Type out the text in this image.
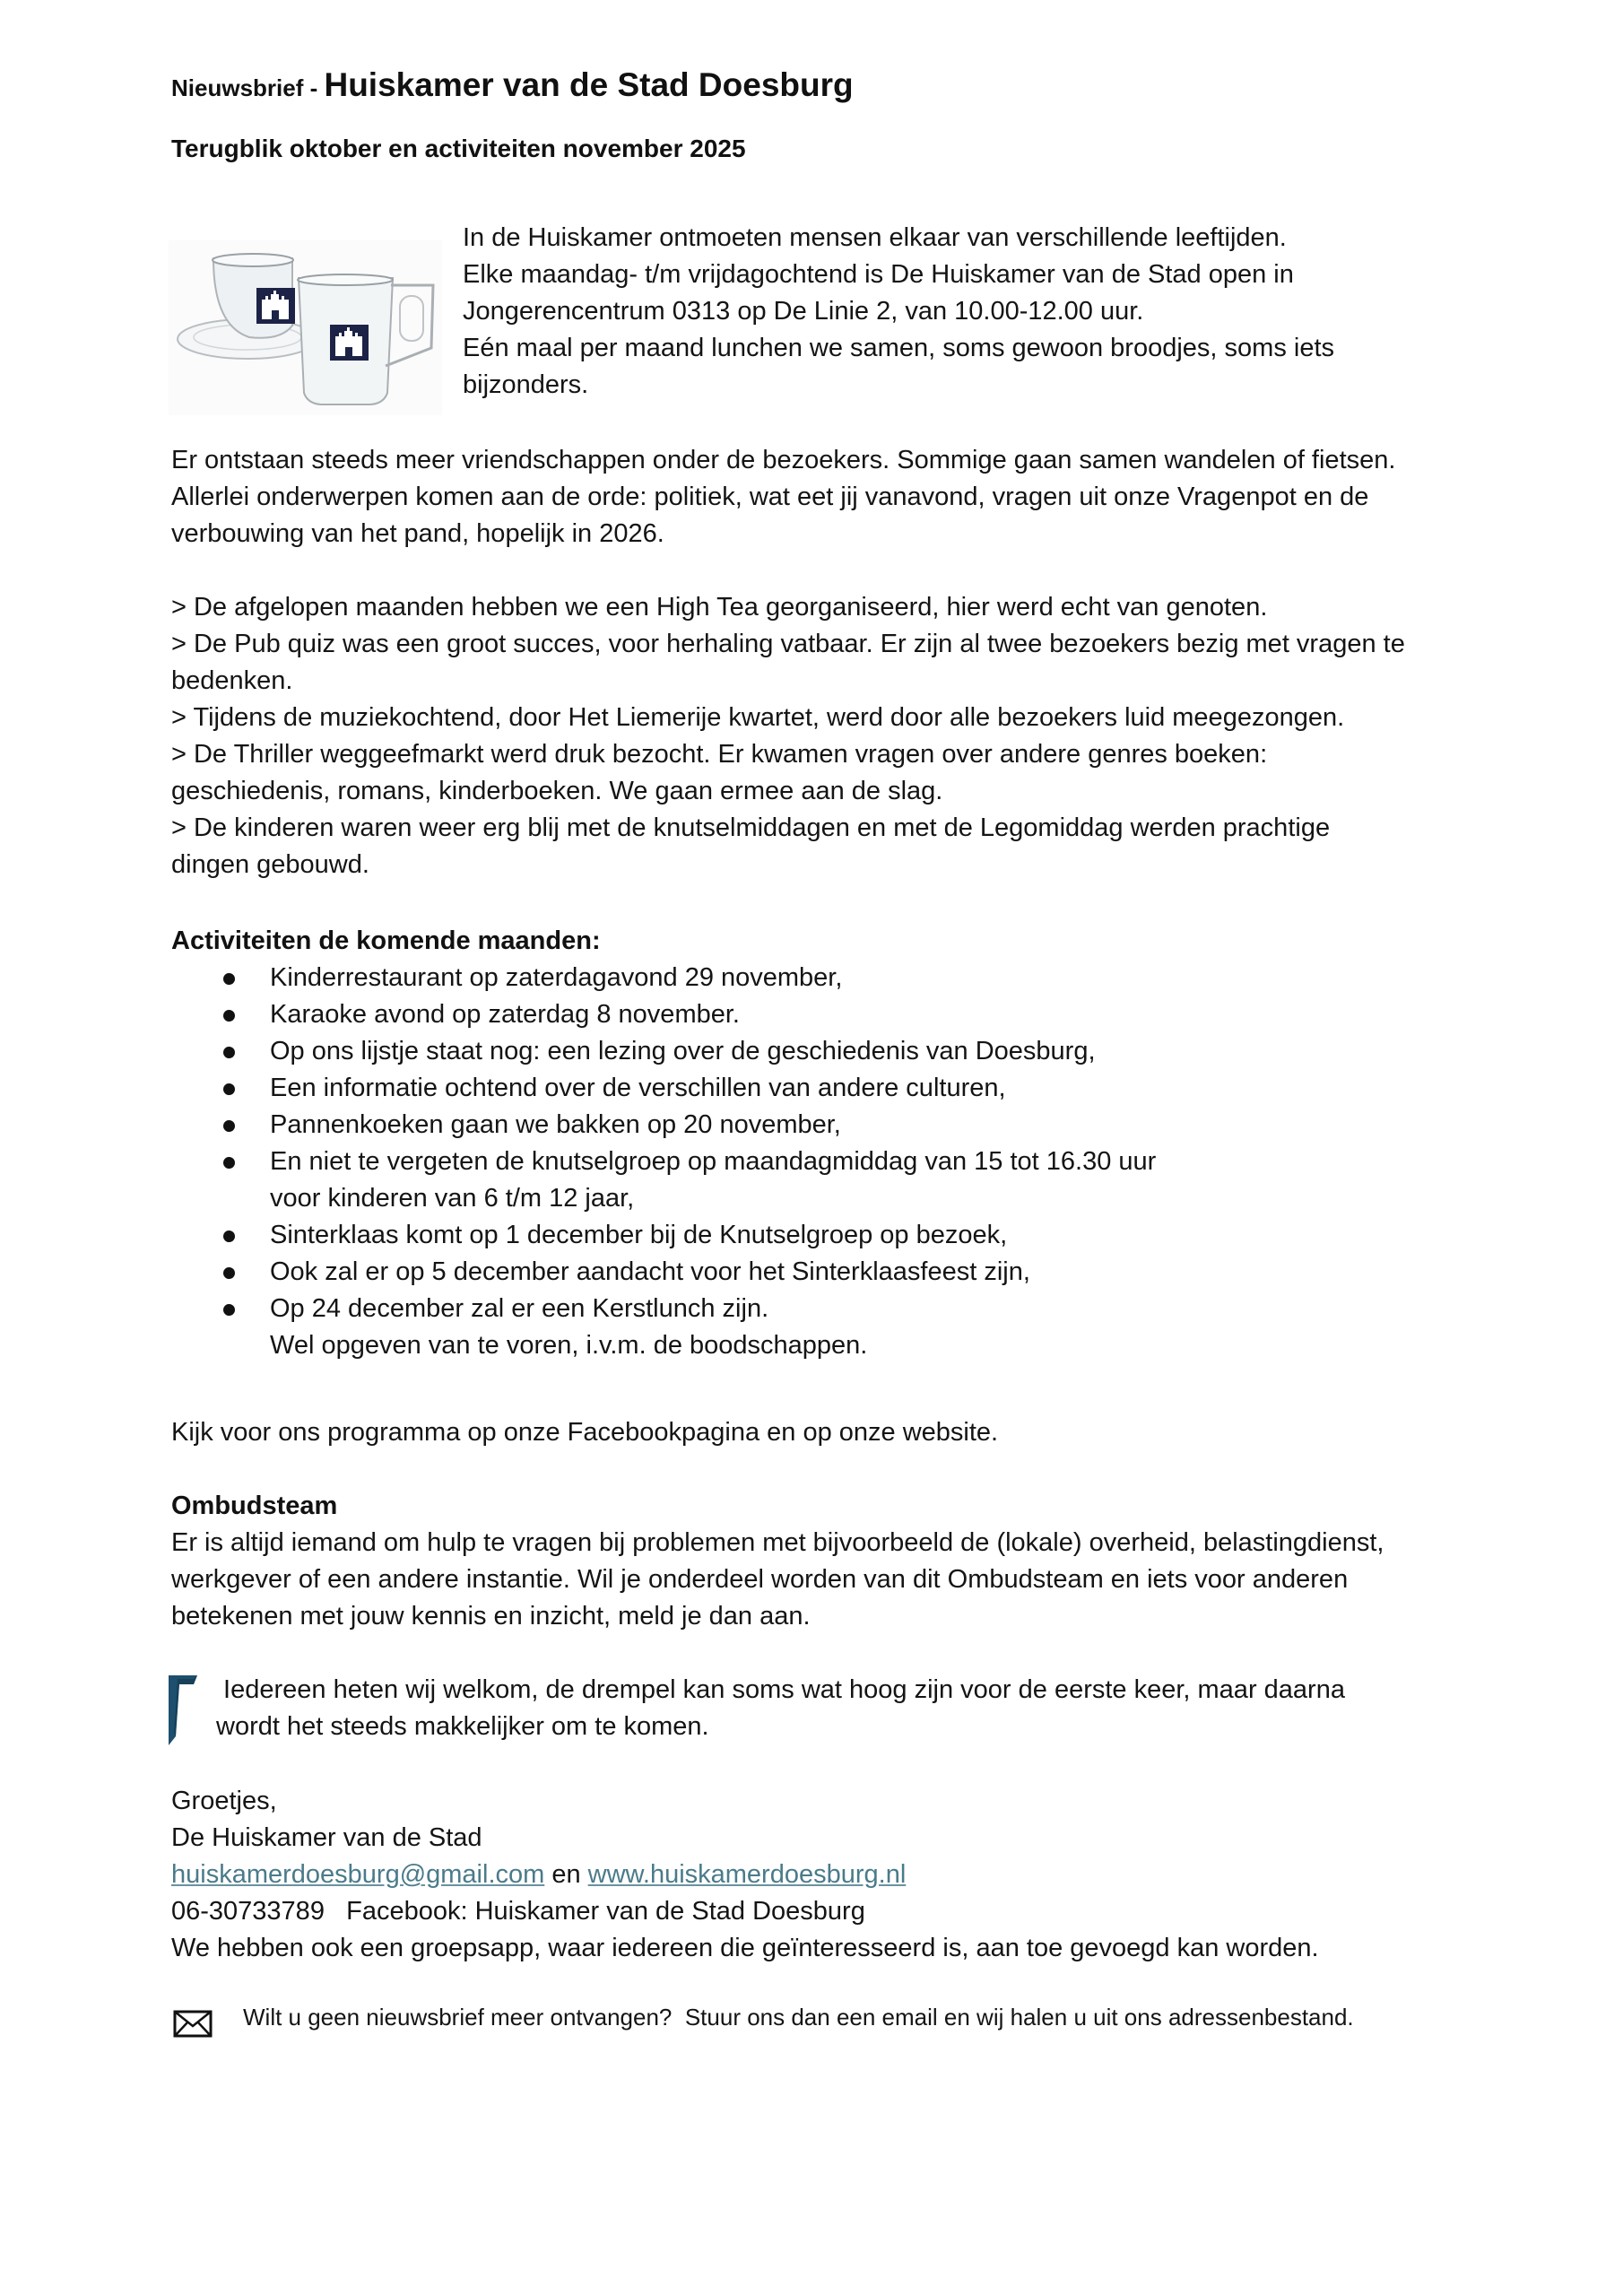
Nieuwsbrief - Huiskamer van de Stad Doesburg
Terugblik oktober en activiteiten november 2025
In de Huiskamer ontmoeten mensen elkaar van verschillende leeftijden.
Elke maandag- t/m vrijdagochtend is De Huiskamer van de Stad open in
Jongerencentrum 0313 op De Linie 2, van 10.00-12.00 uur.
Eén maal per maand lunchen we samen, soms gewoon broodjes, soms iets
bijzonders.
Er ontstaan steeds meer vriendschappen onder de bezoekers. Sommige gaan samen wandelen of fietsen.
Allerlei onderwerpen komen aan de orde: politiek, wat eet jij vanavond, vragen uit onze Vragenpot en de
verbouwing van het pand, hopelijk in 2026.
> De afgelopen maanden hebben we een High Tea georganiseerd, hier werd echt van genoten.
> De Pub quiz was een groot succes, voor herhaling vatbaar. Er zijn al twee bezoekers bezig met vragen te
bedenken.
> Tijdens de muziekochtend, door Het Liemerije kwartet, werd door alle bezoekers luid meegezongen.
> De Thriller weggeefmarkt werd druk bezocht. Er kwamen vragen over andere genres boeken:
geschiedenis, romans, kinderboeken. We gaan ermee aan de slag.
> De kinderen waren weer erg blij met de knutselmiddagen en met de Legomiddag werden prachtige
dingen gebouwd.
Activiteiten de komende maanden:
Kinderrestaurant op zaterdagavond 29 november,
Karaoke avond op zaterdag 8 november.
Op ons lijstje staat nog: een lezing over de geschiedenis van Doesburg,
Een informatie ochtend over de verschillen van andere culturen,
Pannenkoeken gaan we bakken op 20 november,
En niet te vergeten de knutselgroep op maandagmiddag van 15 tot 16.30 uur
voor kinderen van 6 t/m 12 jaar,
Sinterklaas komt op 1 december bij de Knutselgroep op bezoek,
Ook zal er op 5 december aandacht voor het Sinterklaasfeest zijn,
Op 24 december zal er een Kerstlunch zijn.
Wel opgeven van te voren, i.v.m. de boodschappen.
Kijk voor ons programma op onze Facebookpagina en op onze website.
Ombudsteam
Er is altijd iemand om hulp te vragen bij problemen met bijvoorbeeld de (lokale) overheid, belastingdienst,
werkgever of een andere instantie. Wil je onderdeel worden van dit Ombudsteam en iets voor anderen
betekenen met jouw kennis en inzicht, meld je dan aan.
Iedereen heten wij welkom, de drempel kan soms wat hoog zijn voor de eerste keer, maar daarna
wordt het steeds makkelijker om te komen.
Groetjes,
De Huiskamer van de Stad
huiskamerdoesburg@gmail.com en www.huiskamerdoesburg.nl
06-30733789   Facebook: Huiskamer van de Stad Doesburg
We hebben ook een groepsapp, waar iedereen die geïnteresseerd is, aan toe gevoegd kan worden.
Wilt u geen nieuwsbrief meer ontvangen?  Stuur ons dan een email en wij halen u uit ons adressenbestand.
